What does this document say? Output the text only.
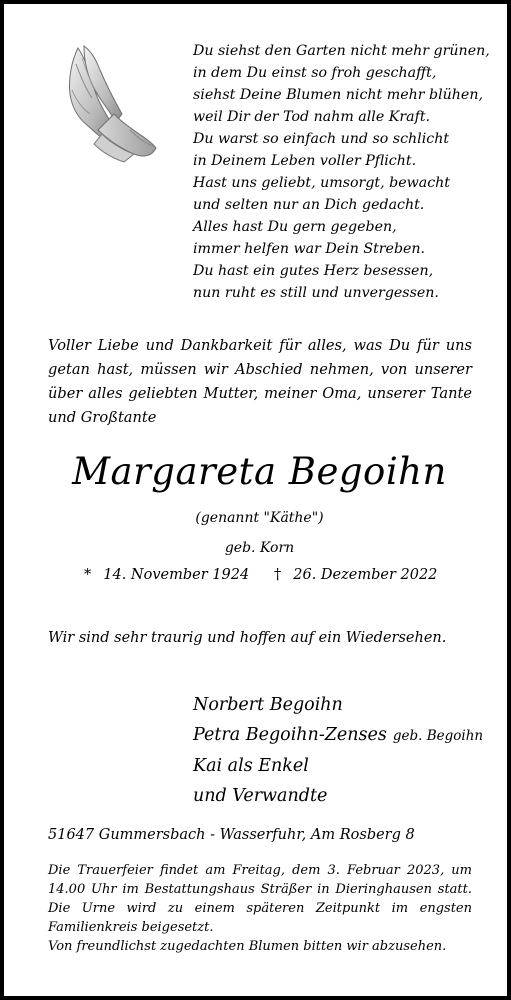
Du siehst den Garten nicht mehr grünen,
in dem Du einst so froh geschafft,
siehst Deine Blumen nicht mehr blühen,
weil Dir der Tod nahm alle Kraft.
Du warst so einfach und so schlicht
in Deinem Leben voller Pflicht.
Hast uns geliebt, umsorgt, bewacht
und selten nur an Dich gedacht.
Alles hast Du gern gegeben,
immer helfen war Dein Streben.
Du hast ein gutes Herz besessen,
nun ruht es still und unvergessen.
Voller Liebe und Dankbarkeit für alles, was Du für uns getan hast, müssen wir Abschied nehmen, von unserer über alles geliebten Mutter, meiner Oma, unserer Tante und Großtante
Margareta Begoihn
(genannt "Käthe")
geb. Korn
* 14. November 1924 † 26. Dezember 2022
Wir sind sehr traurig und hoffen auf ein Wiedersehen.
Norbert Begoihn
Petra Begoihn-Zenses geb. Begoihn
Kai als Enkel
und Verwandte
51647 Gummersbach - Wasserfuhr, Am Rosberg 8
Die Trauerfeier findet am Freitag, dem 3. Februar 2023, um
14.00 Uhr im Bestattungshaus Sträßer in Dieringhausen statt.
Die Urne wird zu einem späteren Zeitpunkt im engsten
Familienkreis beigesetzt.
Von freundlichst zugedachten Blumen bitten wir abzusehen.
